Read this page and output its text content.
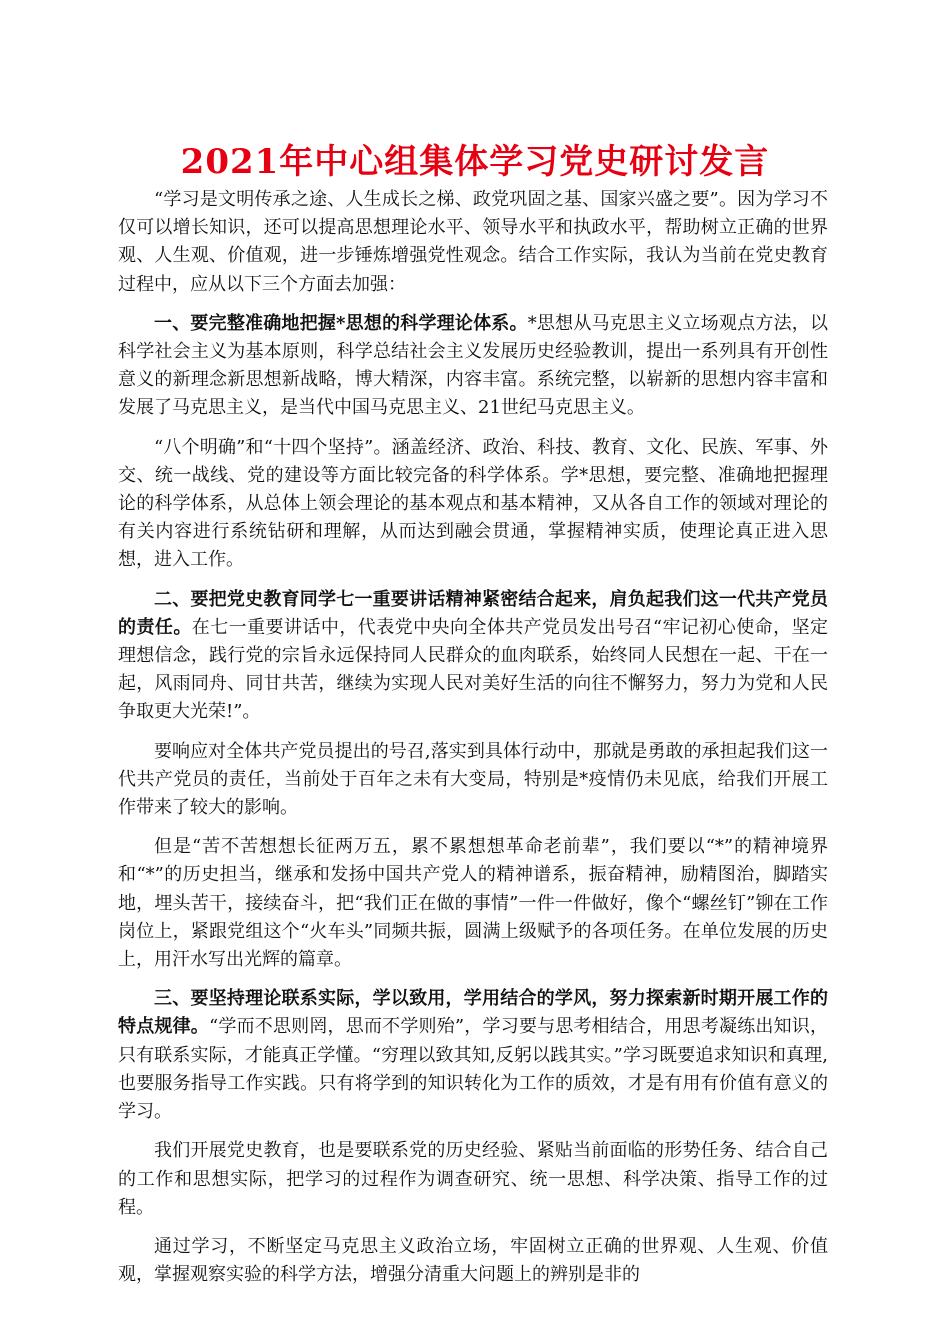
2021年中心组集体学习党史研讨发言

“学习是文明传承之途、人生成长之梯、政党巩固之基、国家兴盛之要”。因为学习不仅可以增长知识，还可以提高思想理论水平、领导水平和执政水平，帮助树立正确的世界观、人生观、价值观，进一步锤炼增强党性观念。结合工作实际，我认为当前在党史教育过程中，应从以下三个方面去加强：

一、要完整准确地把握*思想的科学理论体系。*思想从马克思主义立场观点方法，以科学社会主义为基本原则，科学总结社会主义发展历史经验教训，提出一系列具有开创性意义的新理念新思想新战略，博大精深，内容丰富。系统完整，以崭新的思想内容丰富和发展了马克思主义，是当代中国马克思主义、21世纪马克思主义。

“八个明确”和“十四个坚持”。涵盖经济、政治、科技、教育、文化、民族、军事、外交、统一战线、党的建设等方面比较完备的科学体系。学*思想，要完整、准确地把握理论的科学体系，从总体上领会理论的基本观点和基本精神，又从各自工作的领域对理论的有关内容进行系统钻研和理解，从而达到融会贯通，掌握精神实质，使理论真正进入思想，进入工作。

二、要把党史教育同学七一重要讲话精神紧密结合起来，肩负起我们这一代共产党员的责任。在七一重要讲话中，代表党中央向全体共产党员发出号召“牢记初心使命，坚定理想信念，践行党的宗旨永远保持同人民群众的血肉联系，始终同人民想在一起、干在一起，风雨同舟、同甘共苦，继续为实现人民对美好生活的向往不懈努力，努力为党和人民争取更大光荣!”。

要响应对全体共产党员提出的号召,落实到具体行动中，那就是勇敢的承担起我们这一代共产党员的责任，当前处于百年之未有大变局，特别是*疫情仍未见底，给我们开展工作带来了较大的影响。

但是“苦不苦想想长征两万五，累不累想想革命老前辈”，我们要以“*”的精神境界和“*”的历史担当，继承和发扬中国共产党人的精神谱系，振奋精神，励精图治，脚踏实地，埋头苦干，接续奋斗，把“我们正在做的事情”一件一件做好，像个“螺丝钉”铆在工作岗位上，紧跟党组这个“火车头”同频共振，圆满上级赋予的各项任务。在单位发展的历史上，用汗水写出光辉的篇章。

三、要坚持理论联系实际，学以致用，学用结合的学风，努力探索新时期开展工作的特点规律。“学而不思则罔，思而不学则殆”，学习要与思考相结合，用思考凝练出知识，只有联系实际，才能真正学懂。“穷理以致其知,反躬以践其实。”学习既要追求知识和真理,也要服务指导工作实践。只有将学到的知识转化为工作的质效，才是有用有价值有意义的学习。

我们开展党史教育，也是要联系党的历史经验、紧贴当前面临的形势任务、结合自己的工作和思想实际，把学习的过程作为调查研究、统一思想、科学决策、指导工作的过程。

通过学习，不断坚定马克思主义政治立场，牢固树立正确的世界观、人生观、价值观，掌握观察实验的科学方法，增强分清重大问题上的辨别是非的
